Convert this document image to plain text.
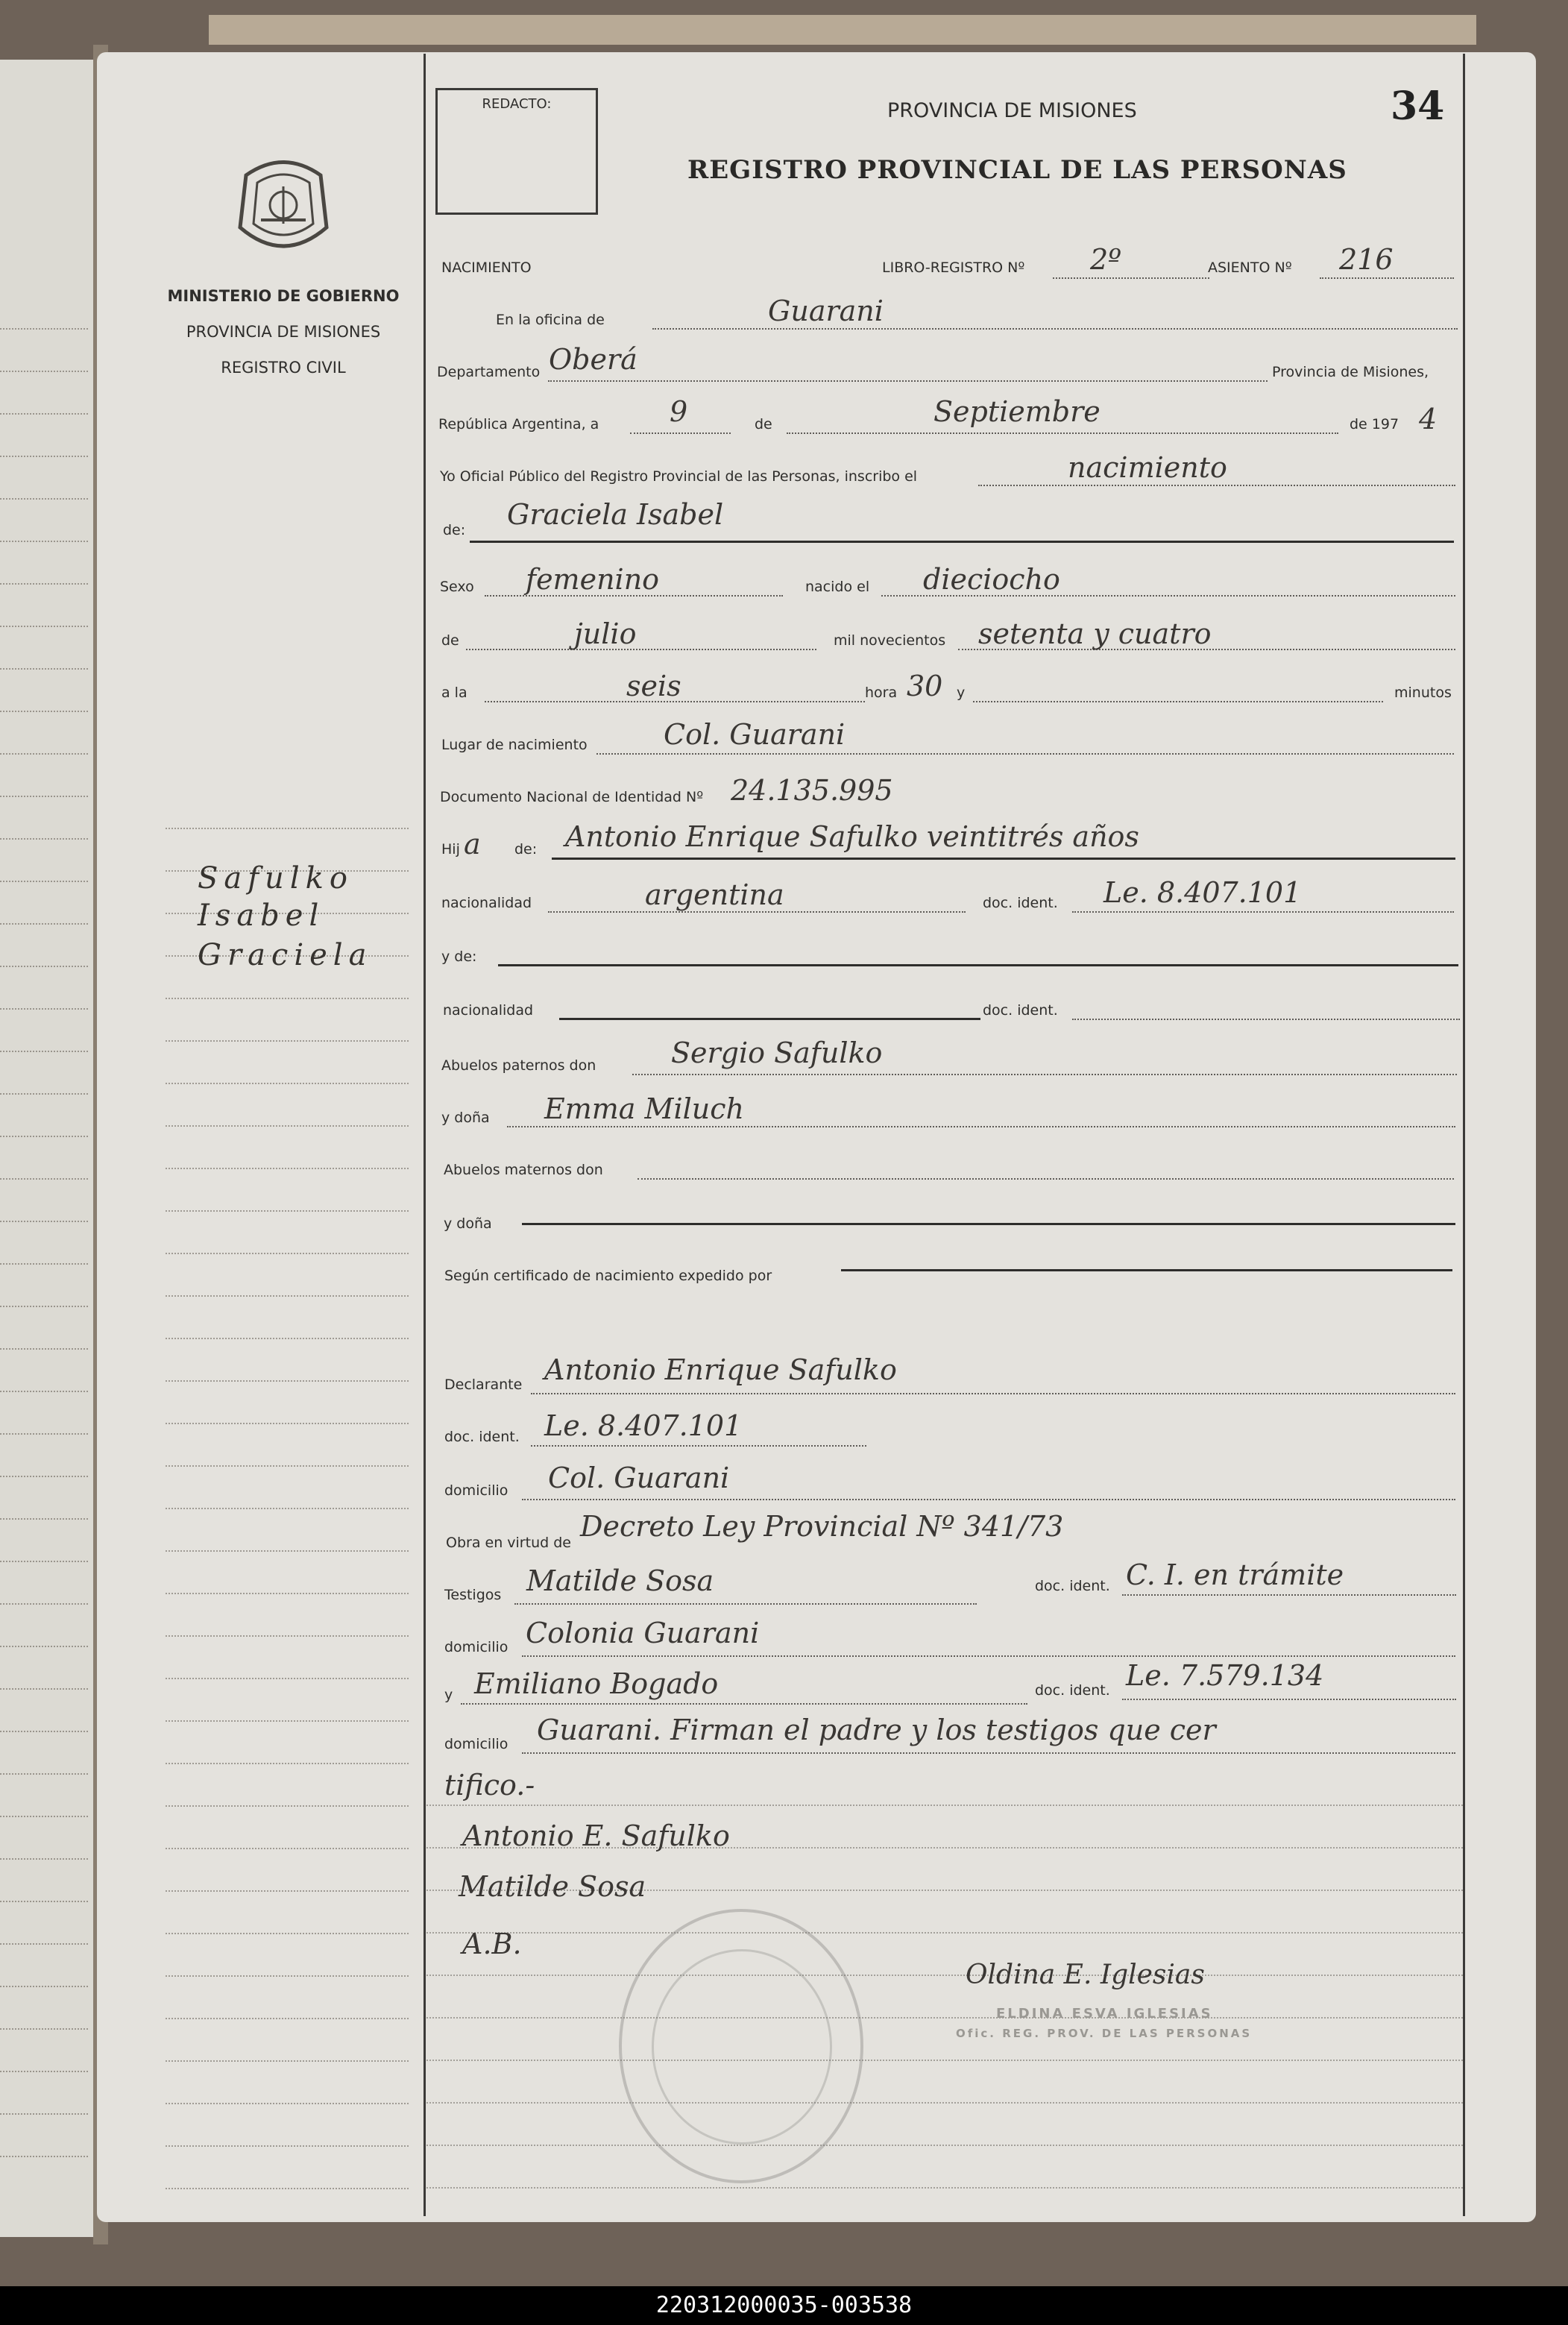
MINISTERIO DE GOBIERNO
PROVINCIA DE MISIONES
REGISTRO CIVIL
Safulko
Isabel
Graciela
REDACTO:	PROVINCIA DE MISIONES
REGISTRO PROVINCIAL DE LAS PERSONAS
34
NACIMIENTO	LIBRO-REGISTRO Nº 2º	ASIENTO Nº 216
En la oficina de	Guarani
Departamento Oberá	Provincia de Misiones,
República Argentina, a 9	de	Septiembre	de 197 4
Yo Oficial Público del Registro Provincial de las Personas, inscribo el	nacimiento
de: Graciela Isabel
Sexo femenino	nacido el dieciocho
de	julio	mil novecientos setenta y cuatro
a la	seis	hora 30 y	minutos
Lugar de nacimiento	Col. Guarani
Documento Nacional de Identidad Nº 24.135.995
Hij a de: Antonio Enrique Safulko veintitrés años
nacionalidad	argentina	doc. ident. Le. 8.407.101
y de:
nacionalidad	doc. ident.
Abuelos paternos don	Sergio Safulko
y doña Emma Miluch
Abuelos maternos don
y doña
Según certificado de nacimiento expedido por
Declarante Antonio Enrique Safulko
doc. ident. Le. 8.407.101
domicilio Col. Guarani
Obra en virtud de Decreto Ley Provincial Nº 341/73
Testigos Matilde Sosa	doc. ident. C. I. en trámite
domicilio Colonia Guarani
y Emiliano Bogado	doc. ident. Le. 7.579.134
domicilio Guarani. Firman el padre y los testigos que cer
tifico.-
Antonio E. Safulko
Matilde Sosa
A.B.
Oldina E. Iglesias
ELDINA ESVA IGLESIAS
Ofic. REG. PROV. DE LAS PERSONAS
220312000035-003538
